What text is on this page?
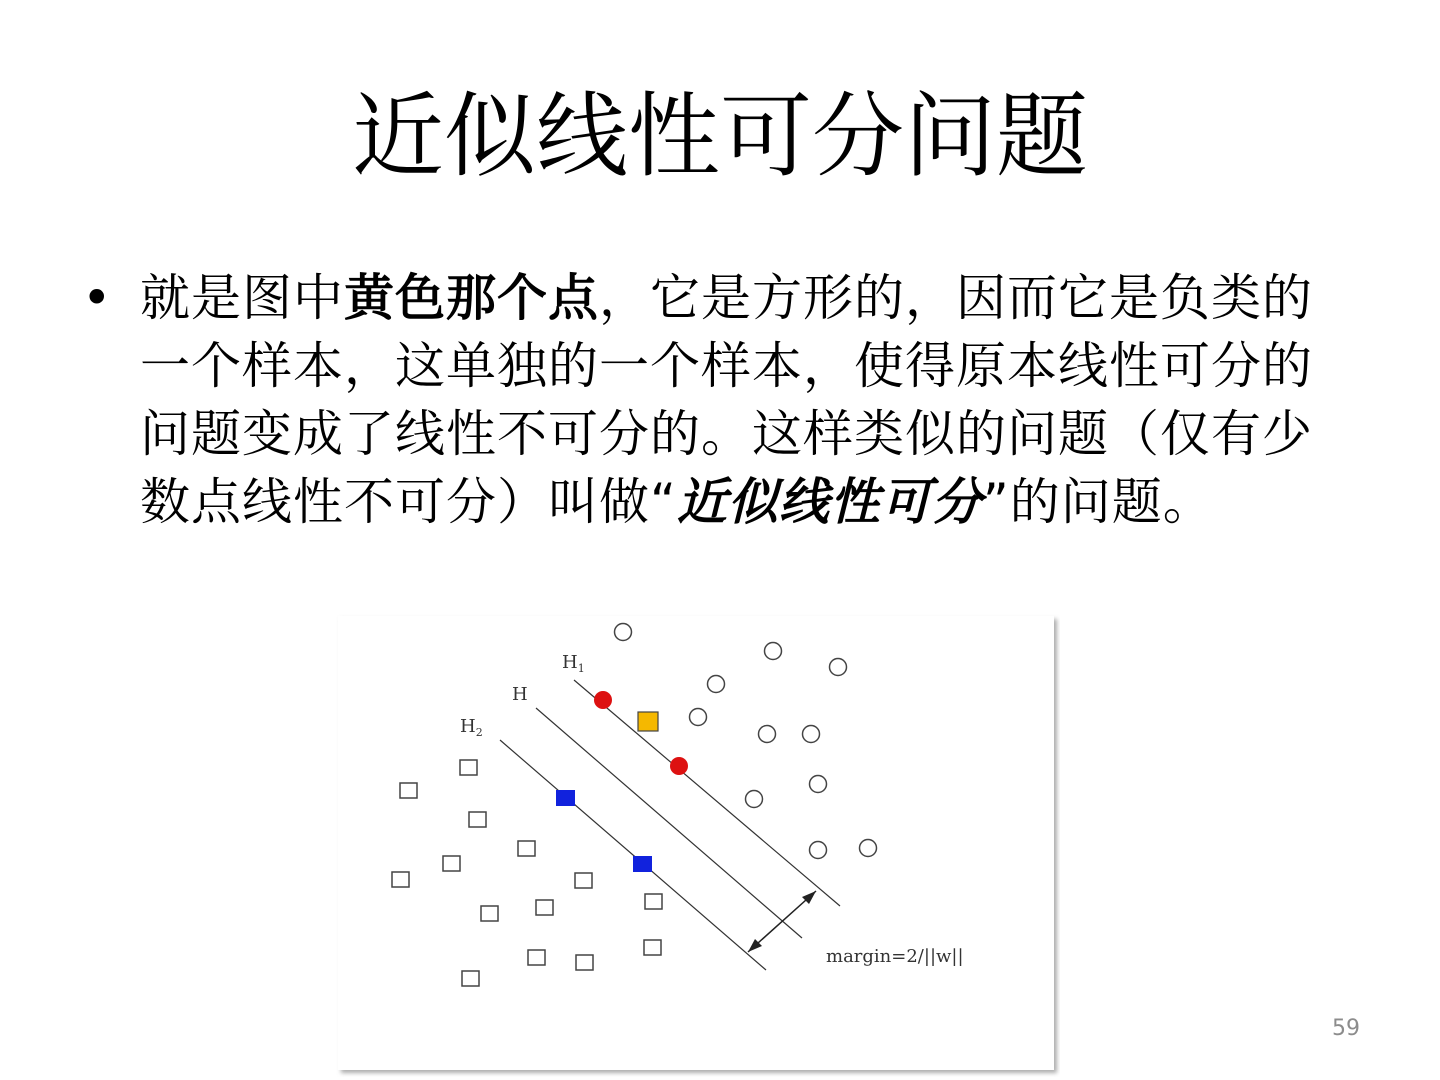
近似线性可分问题
• 就是图中黄色那个点，它是方形的，因而它是负类的一个样本，这单独的一个样本，使得原本线性可分的问题变成了线性不可分的。这样类似的问题（仅有少数点线性不可分）叫做“近似线性可分”的问题。
$H_1$
H
$H_2$
margin=2/||w||
59
